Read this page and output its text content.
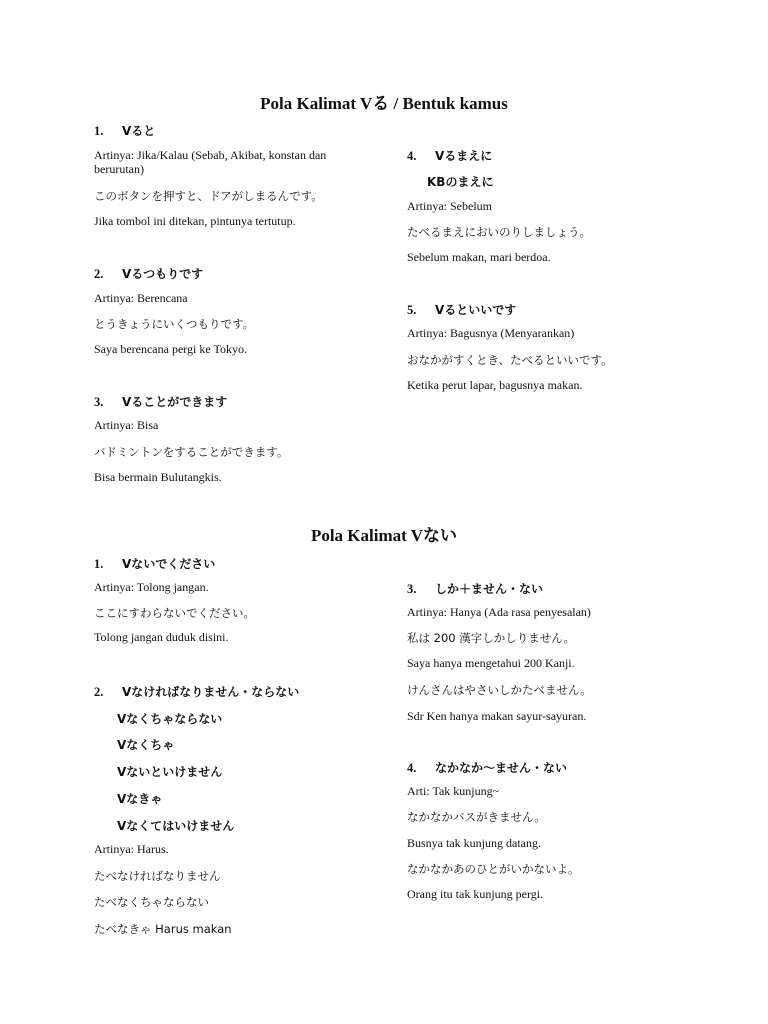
Pola Kalimat Vる / Bentuk kamus
1.	Vると
Artinya: Jika/Kalau (Sebab, Akibat, konstan dan berurutan)
このボタンを押すと、ドアがしまるんです。
Jika tombol ini ditekan, pintunya tertutup.
2.	Vるつもりです
Artinya: Berencana
とうきょうにいくつもりです。
Saya berencana pergi ke Tokyo.
3.	Vることができます
Artinya: Bisa
バドミントンをすることができます。
Bisa bermain Bulutangkis.
4.	Vるまえに
KBのまえに
Artinya: Sebelum
たべるまえにおいのりしましょう。
Sebelum makan, mari berdoa.
5.	Vるといいです
Artinya: Bagusnya (Menyarankan)
おなかがすくとき、たべるといいです。
Ketika perut lapar, bagusnya makan.
Pola Kalimat Vない
1.	Vないでください
Artinya: Tolong jangan.
ここにすわらないでください。
Tolong jangan duduk disini.
2.	Vなければなりません・ならない
Vなくちゃならない
Vなくちゃ
Vないといけません
Vなきゃ
Vなくてはいけません
Artinya: Harus.
たべなければなりません
たべなくちゃならない
たべなきゃ Harus makan
3.	しか＋ません・ない
Artinya: Hanya (Ada rasa penyesalan)
私は 200 漢字しかしりません。
Saya hanya mengetahui 200 Kanji.
けんさんはやさいしかたべません。
Sdr Ken hanya makan sayur-sayuran.
4.	なかなか～ません・ない
Arti: Tak kunjung~
なかなかバスがきません。
Busnya tak kunjung datang.
なかなかあのひとがいかないよ。
Orang itu tak kunjung pergi.
